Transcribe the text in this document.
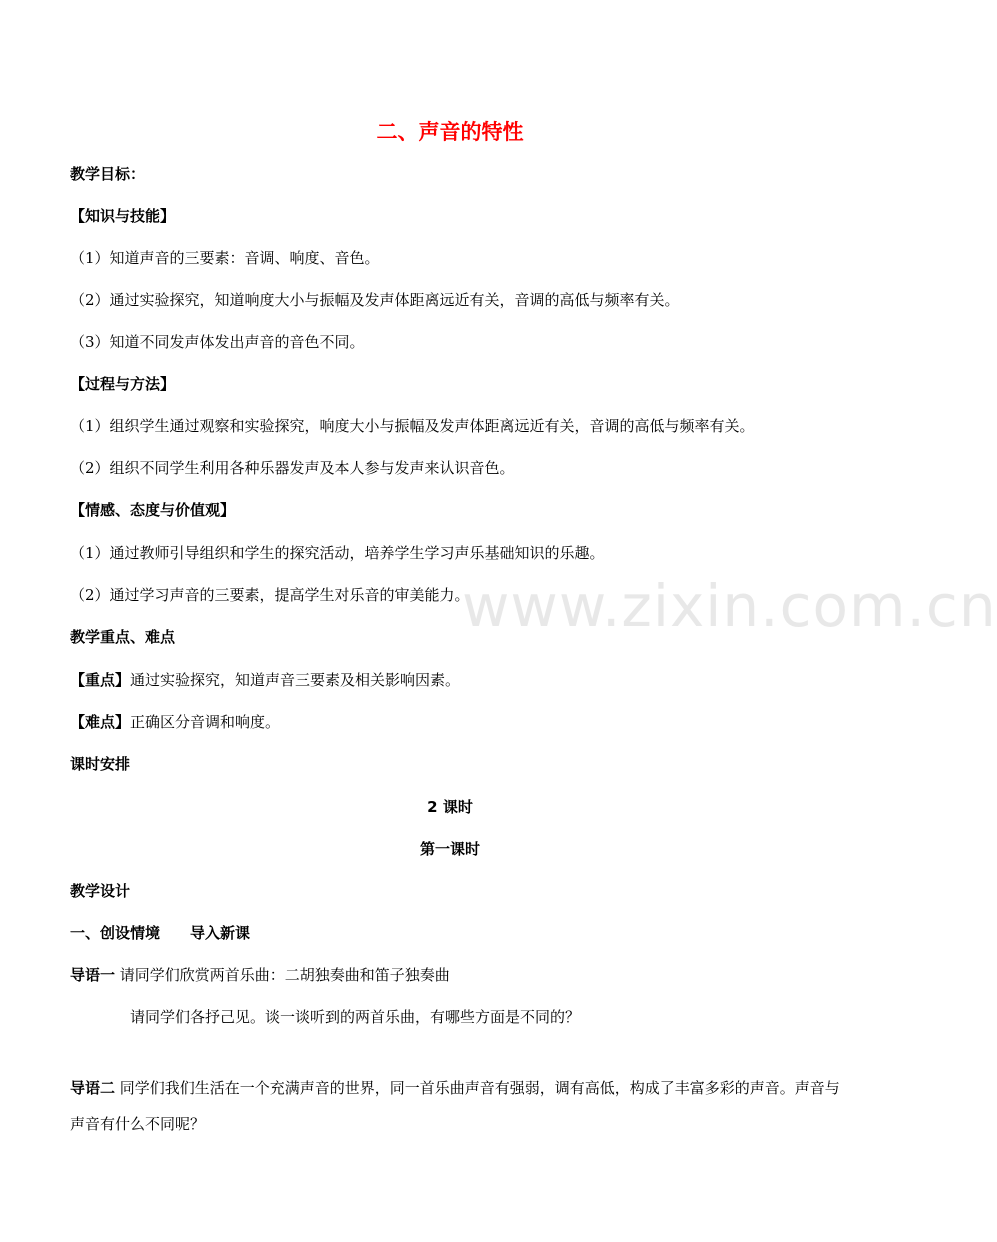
www.zixin.com.cn
二、声音的特性
教学目标：
【知识与技能】
（1）知道声音的三要素：音调、响度、音色。
（2）通过实验探究，知道响度大小与振幅及发声体距离远近有关，音调的高低与频率有关。
（3）知道不同发声体发出声音的音色不同。
【过程与方法】
（1）组织学生通过观察和实验探究，响度大小与振幅及发声体距离远近有关，音调的高低与频率有关。
（2）组织不同学生利用各种乐器发声及本人参与发声来认识音色。
【情感、态度与价值观】
（1）通过教师引导组织和学生的探究活动，培养学生学习声乐基础知识的乐趣。
（2）通过学习声音的三要素，提高学生对乐音的审美能力。
教学重点、难点
【重点】通过实验探究，知道声音三要素及相关影响因素。
【难点】正确区分音调和响度。
课时安排
2 课时
第一课时
教学设计
一、创设情境 导入新课
导语一 请同学们欣赏两首乐曲：二胡独奏曲和笛子独奏曲
请同学们各抒己见。谈一谈听到的两首乐曲，有哪些方面是不同的？
导语二 同学们我们生活在一个充满声音的世界，同一首乐曲声音有强弱，调有高低，构成了丰富多彩的声音。声音与声音有什么不同呢？
